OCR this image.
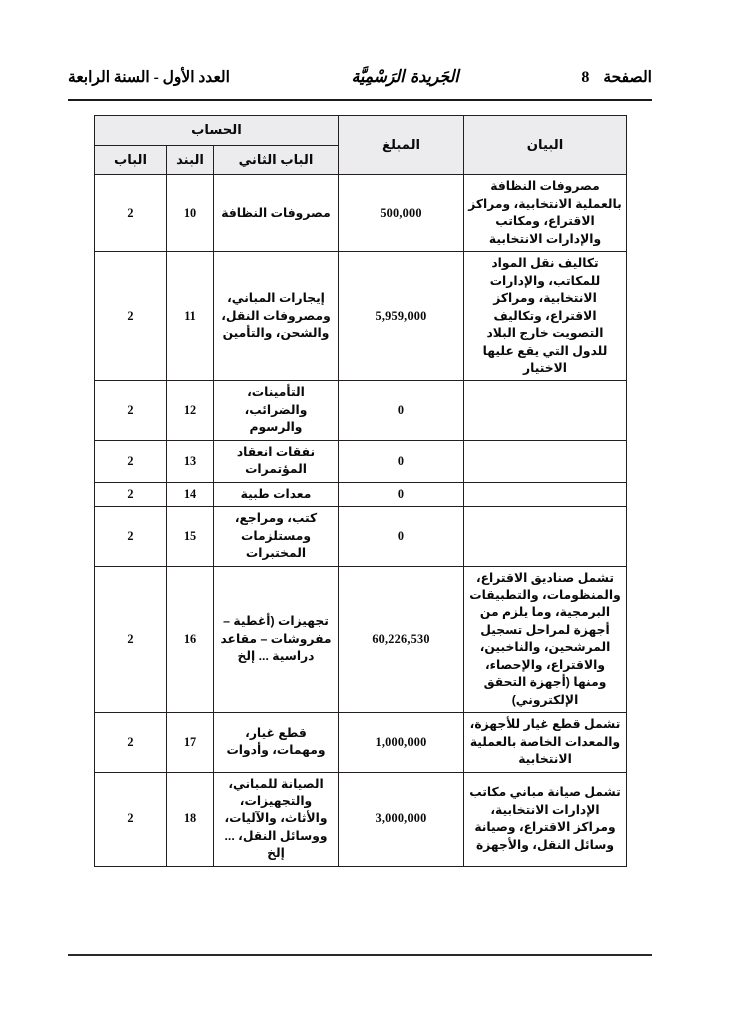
العدد الأول - السنة الرابعة	الجَريدة الرَسْمِيَّة	الصفحة
8
البيان	المبلغ	الحساب		
		الباب الثاني	البند	الباب
مصروفات النظافة بالعملية الانتخابية، ومراكز الاقتراع، ومكاتب والإدارات الانتخابية	500,000	مصروفات النظافة	10	2
تكاليف نقل المواد للمكاتب، والإدارات الانتخابية، ومراكز الاقتراع، وتكاليف التصويت خارج البلاد للدول التي يقع عليها الاختيار	5,959,000	إيجارات المباني، ومصروفات النقل، والشحن، والتأمين	11	2
	0	التأمينات، والضرائب، والرسوم	12	2
	0	نفقات انعقاد المؤتمرات	13	2
	0	معدات طبية	14	2
	0	كتب، ومراجع، ومستلزمات المختبرات	15	2
تشمل صناديق الاقتراع، والمنظومات، والتطبيقات البرمجية، وما يلزم من أجهزة لمراحل تسجيل المرشحين، والناخبين، والاقتراع، والإحصاء، ومنها (أجهزة التحقق الإلكتروني)	60,226,530	تجهيزات (أغطية – مفروشات – مقاعد دراسية ... إلخ	16	2
تشمل قطع غيار للأجهزة، والمعدات الخاصة بالعملية الانتخابية	1,000,000	قطع غيار، ومهمات، وأدوات	17	2
تشمل صيانة مباني مكاتب الإدارات الانتخابية، ومراكز الاقتراع، وصيانة وسائل النقل، والأجهزة	3,000,000	الصيانة للمباني، والتجهيزات، والأثاث، والآليات، ووسائل النقل، ... إلخ	18	2
